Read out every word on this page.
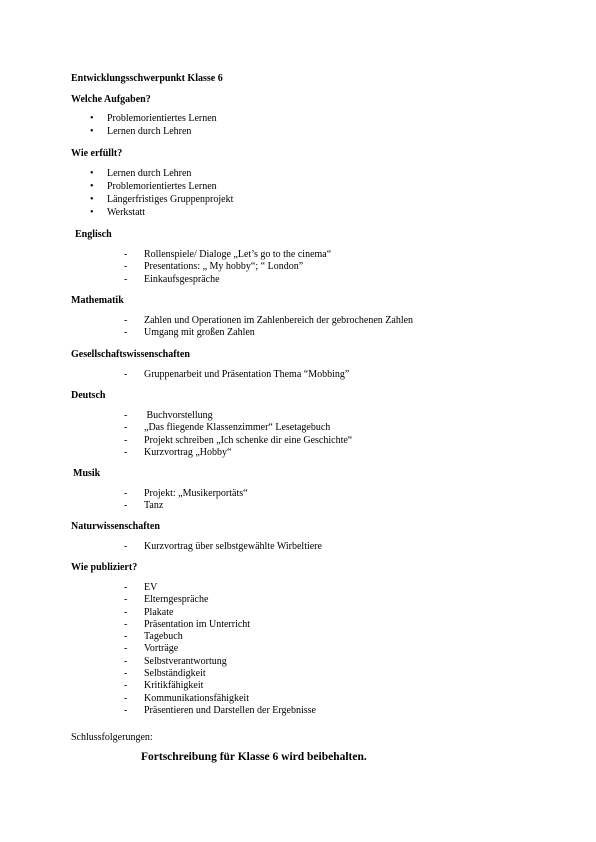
Entwicklungsschwerpunkt Klasse 6
Welche Aufgaben?
• Problemorientiertes Lernen
• Lernen durch Lehren
Wie erfüllt?
• Lernen durch Lehren
• Problemorientiertes Lernen
• Längerfristiges Gruppenprojekt
• Werkstatt
Englisch
- Rollenspiele/ Dialoge „Let’s go to the cinema“
- Presentations: „ My hobby“; “ London”
- Einkaufsgespräche
Mathematik
- Zahlen und Operationen im Zahlenbereich der gebrochenen Zahlen
- Umgang mit großen Zahlen
Gesellschaftswissenschaften
- Gruppenarbeit und Präsentation Thema “Mobbing”
Deutsch
-  Buchvorstellung
- „Das fliegende Klassenzimmer“ Lesetagebuch
- Projekt schreiben „Ich schenke dir eine Geschichte“
- Kurzvortrag „Hobby“
Musik
- Projekt: „Musikerportäts“
- Tanz
Naturwissenschaften
- Kurzvortrag über selbstgewählte Wirbeltiere
Wie publiziert?
- EV
- Elterngespräche
- Plakate
- Präsentation im Unterricht
- Tagebuch
- Vorträge
- Selbstverantwortung
- Selbständigkeit
- Kritikfähigkeit
- Kommunikationsfähigkeit
- Präsentieren und Darstellen der Ergebnisse
Schlussfolgerungen:
Fortschreibung für Klasse 6 wird beibehalten.
